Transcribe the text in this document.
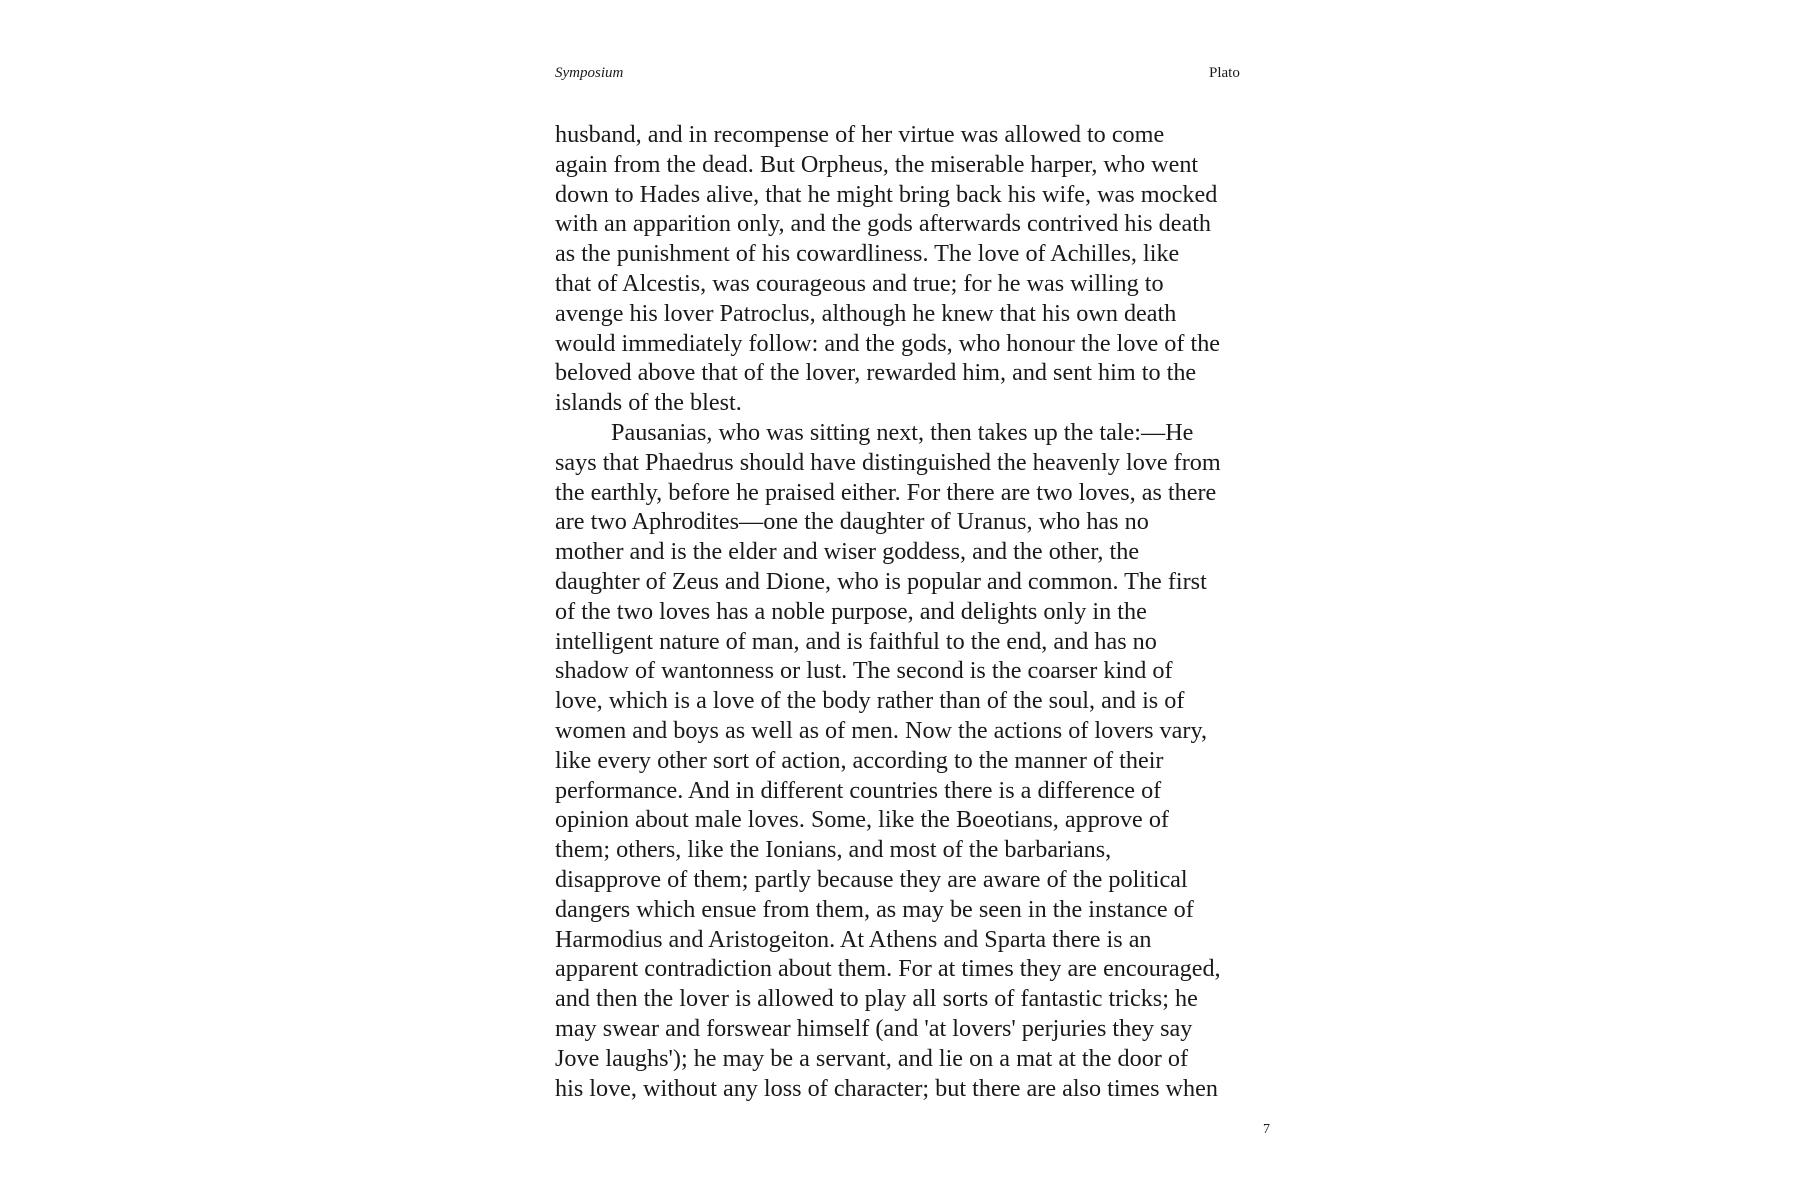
Symposium	Plato
husband, and in recompense of her virtue was allowed to come
again from the dead. But Orpheus, the miserable harper, who went
down to Hades alive, that he might bring back his wife, was mocked
with an apparition only, and the gods afterwards contrived his death
as the punishment of his cowardliness. The love of Achilles, like
that of Alcestis, was courageous and true; for he was willing to
avenge his lover Patroclus, although he knew that his own death
would immediately follow: and the gods, who honour the love of the
beloved above that of the lover, rewarded him, and sent him to the
islands of the blest.
Pausanias, who was sitting next, then takes up the tale:—He
says that Phaedrus should have distinguished the heavenly love from
the earthly, before he praised either. For there are two loves, as there
are two Aphrodites—one the daughter of Uranus, who has no
mother and is the elder and wiser goddess, and the other, the
daughter of Zeus and Dione, who is popular and common. The first
of the two loves has a noble purpose, and delights only in the
intelligent nature of man, and is faithful to the end, and has no
shadow of wantonness or lust. The second is the coarser kind of
love, which is a love of the body rather than of the soul, and is of
women and boys as well as of men. Now the actions of lovers vary,
like every other sort of action, according to the manner of their
performance. And in different countries there is a difference of
opinion about male loves. Some, like the Boeotians, approve of
them; others, like the Ionians, and most of the barbarians,
disapprove of them; partly because they are aware of the political
dangers which ensue from them, as may be seen in the instance of
Harmodius and Aristogeiton. At Athens and Sparta there is an
apparent contradiction about them. For at times they are encouraged,
and then the lover is allowed to play all sorts of fantastic tricks; he
may swear and forswear himself (and 'at lovers' perjuries they say
Jove laughs'); he may be a servant, and lie on a mat at the door of
his love, without any loss of character; but there are also times when
7
